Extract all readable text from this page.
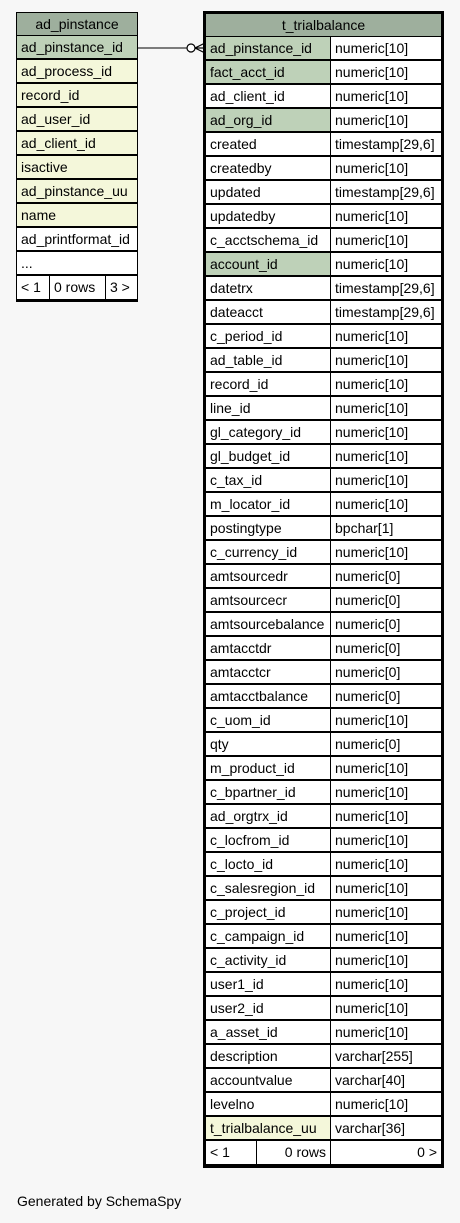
ad_pinstance
ad_pinstance_id
ad_process_id
record_id
ad_user_id
ad_client_id
isactive
ad_pinstance_uu
name
ad_printformat_id
...
< 1 0 rows	3 >
t_trialbalance
ad_pinstance_id	numeric[10]
fact_acct_id	numeric[10]
ad_client_id	numeric[10]
ad_org_id	numeric[10]
created	timestamp[29,6]
createdby	numeric[10]
updated	timestamp[29,6]
updatedby	numeric[10]
c_acctschema_id	numeric[10]
account_id	numeric[10]
datetrx	timestamp[29,6]
dateacct	timestamp[29,6]
c_period_id	numeric[10]
ad_table_id	numeric[10]
record_id	numeric[10]
line_id	numeric[10]
gl_category_id	numeric[10]
gl_budget_id	numeric[10]
c_tax_id	numeric[10]
m_locator_id	numeric[10]
postingtype	bpchar[1]
c_currency_id	numeric[10]
amtsourcedr	numeric[0]
amtsourcecr	numeric[0]
amtsourcebalance numeric[0]
amtacctdr	numeric[0]
amtacctcr	numeric[0]
amtacctbalance	numeric[0]
c_uom_id	numeric[10]
qty	numeric[0]
m_product_id	numeric[10]
c_bpartner_id	numeric[10]
ad_orgtrx_id	numeric[10]
c_locfrom_id	numeric[10]
c_locto_id	numeric[10]
c_salesregion_id	numeric[10]
c_project_id	numeric[10]
c_campaign_id	numeric[10]
c_activity_id	numeric[10]
user1_id	numeric[10]
user2_id	numeric[10]
a_asset_id	numeric[10]
description	varchar[255]
accountvalue	varchar[40]
levelno	numeric[10]
t_trialbalance_uu	varchar[36]
< 1	0 rows	0 >
Generated by SchemaSpy
